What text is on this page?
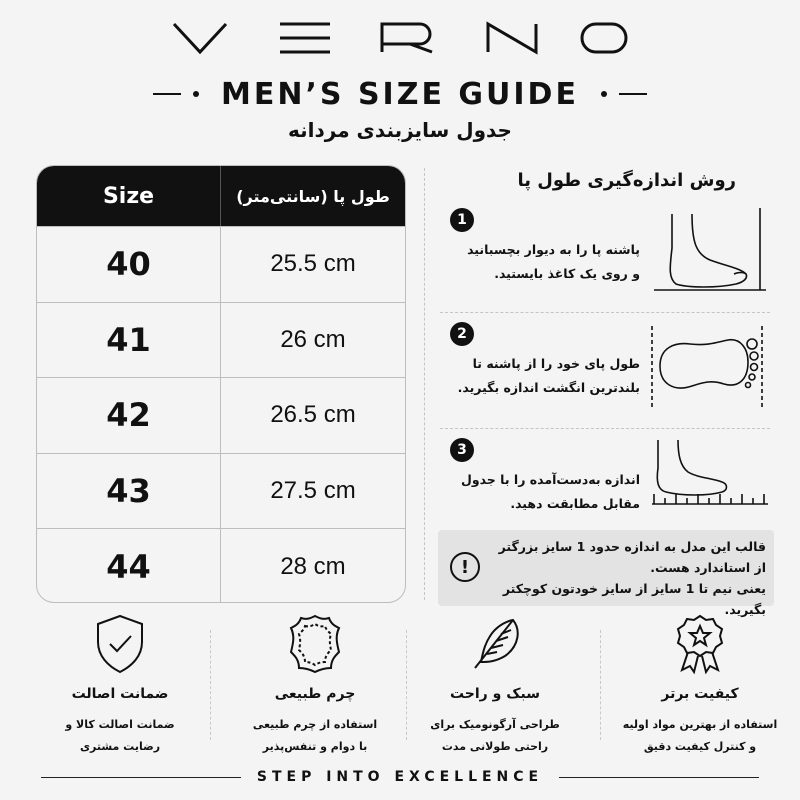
MEN’S SIZE GUIDE
جدول سایزبندی مردانه
Size	طول پا (سانتی‌متر)
40	25.5 cm
41	26 cm
42	26.5 cm
43	27.5 cm
44	28 cm
روش اندازه‌گیری طول پا
1
پاشنه پا را به دیوار بچسبانید
و روی یک کاغذ بایستید.
2
طول پای خود را از پاشنه تا
بلندترین انگشت اندازه بگیرید.
3
اندازه به‌دست‌آمده را با جدول
مقابل مطابقت دهید.
!
قالب این مدل به اندازه حدود 1 سایز بزرگتر
از استاندارد هست.
یعنی نیم تا 1 سایز از سایز خودتون کوچکتر بگیرید.
کیفیت برتر
استفاده از بهترین مواد اولیه
و کنترل کیفیت دقیق
چرم طبیعی
استفاده از چرم طبیعی
با دوام و تنفس‌پذیر
سبک و راحت
طراحی آرگونومیک برای
راحتی طولانی مدت
ضمانت اصالت
ضمانت اصالت کالا و
رضایت مشتری
STEP INTO EXCELLENCE
